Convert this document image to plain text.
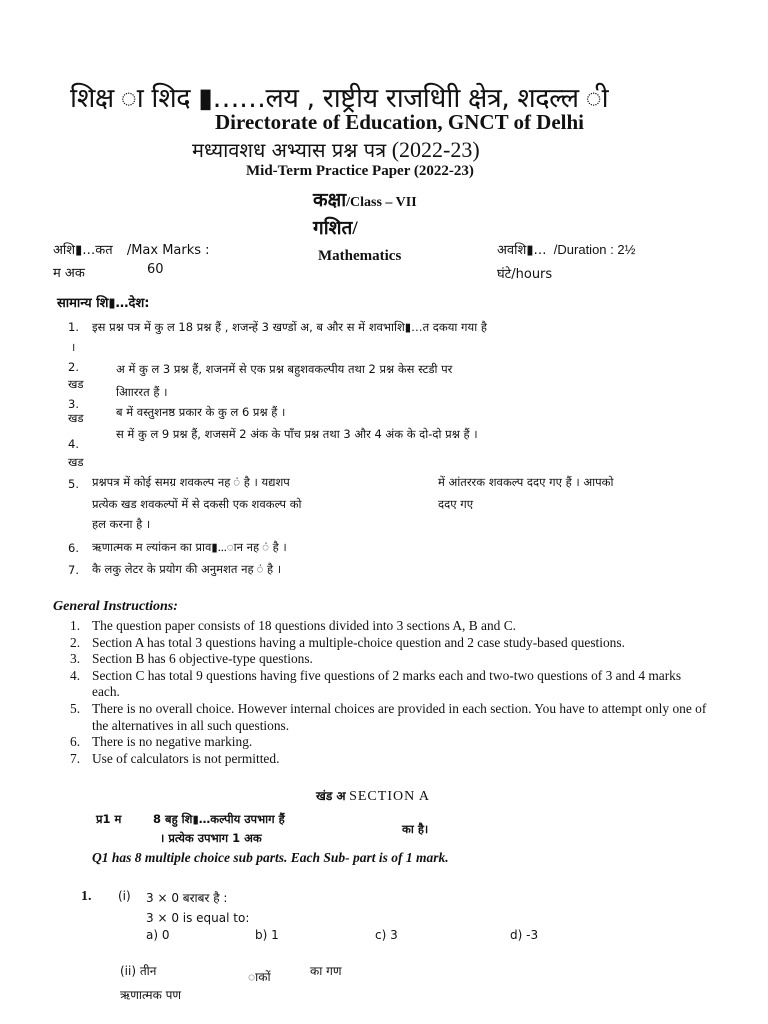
शिक्ष ा शिद ▮……लय , राष्ट्रीय राजधािी क्षेत्र, शदल्ल ी
Directorate of Education, GNCT of Delhi
मध्यावशध अभ्यास प्रश्न पत्र (2022-23)
Mid-Term Practice Paper (2022-23)
कक्षा/Class – VII
गशित/
Mathematics
अशि▮…कत /Max Marks :
म अक	60
अवशि▮… /Duration : 2½
घंटे/hours
सामान्य शि▮…देश:
1. इस प्रश्न पत्र में कु ल 18 प्रश्न हैं , शजन्हें 3 खण्डों अ, ब और स में शवभाशि▮…त दकया गया है
।
2.
खड
अ में कु ल 3 प्रश्न हैं, शजनमें से एक प्रश्न बहुशवकल्पीय तथा 2 प्रश्न केस स्टडी पर
आिाररत हैं ।
3.
खड	ब में वस्तुशनष्ठ प्रकार के कु ल 6 प्रश्न हैं ।
4.
खड
स में कु ल 9 प्रश्न हैं, शजसमें 2 अंक के पाँच प्रश्न तथा 3 और 4 अंक के दो-दो प्रश्न हैं ।
5. प्रश्नपत्र में कोई समग्र शवकल्प नह ं है । यद्यशप	में आंतररक शवकल्प ददए गए हैं । आपको
प्रत्येक खड शवकल्पों में से दकसी एक शवकल्प को	ददए गए
हल करना है ।
6. ऋणात्मक म ल्यांकन का प्राव▮…ान नह ं है ।
7. कै लकु लेटर के प्रयोग की अनुमशत नह ं है ।
General Instructions:
1. The question paper consists of 18 questions divided into 3 sections A, B and C.
2. Section A has total 3 questions having a multiple-choice question and 2 case study-based questions.
3. Section B has 6 objective-type questions.
4. Section C has total 9 questions having five questions of 2 marks each and two-two questions of 3 and 4 marks each.
5. There is no overall choice. However internal choices are provided in each section. You have to attempt only one of the alternatives in all such questions.
6. There is no negative marking.
7. Use of calculators is not permitted.
खंड अ SECTION A
प्र1 म	8 बहु शि▮…कल्पीय उपभाग हैं
। प्रत्येक उपभाग 1 अक
का है।
Q1 has 8 multiple choice sub parts. Each Sub- part is of 1 mark.
1. (i) 3 × 0 बराबर है :
3 × 0 is equal to:
a) 0	b) 1	c) 3	d) -3
(ii) तीन	ाकों	का गण
ऋणात्मक पण
